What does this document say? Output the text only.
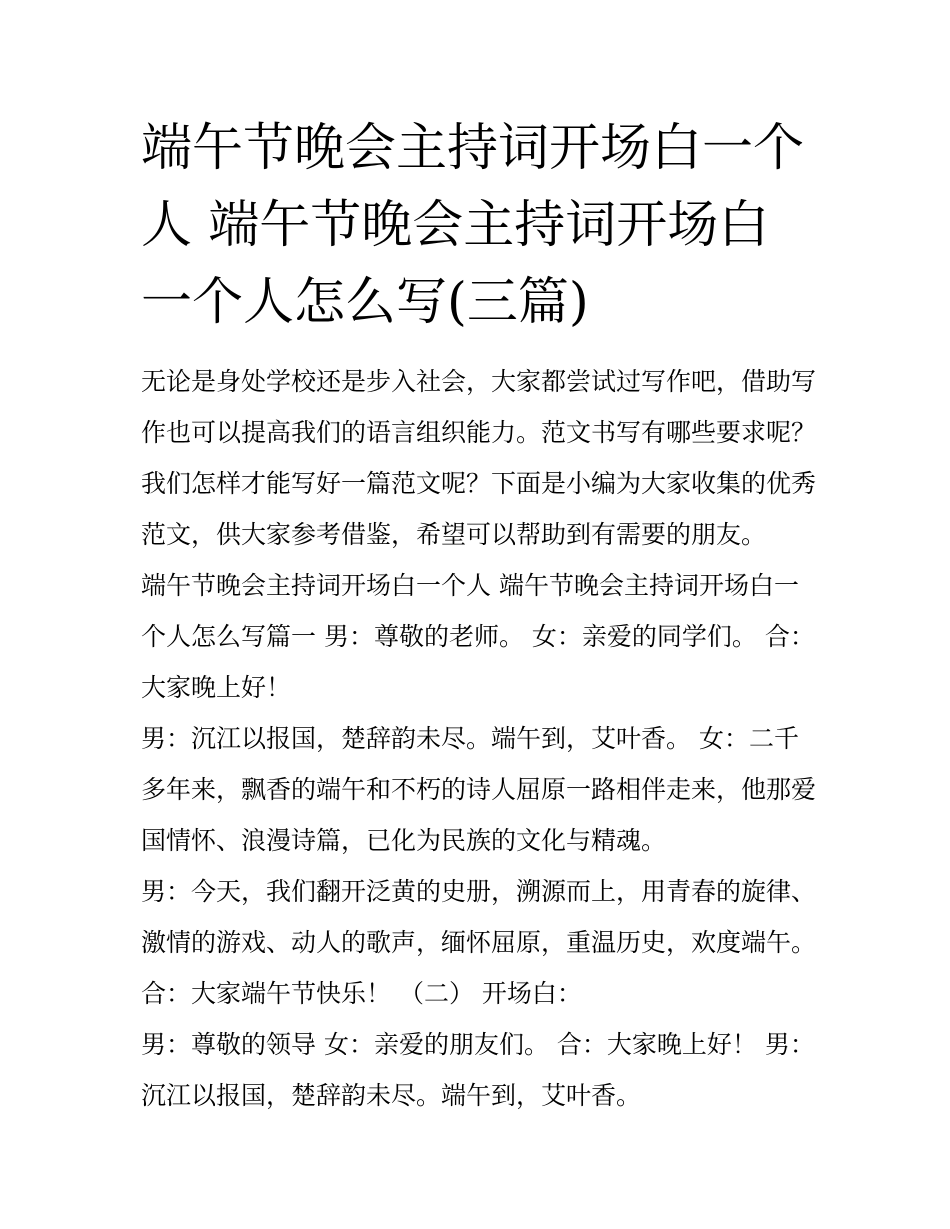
端午节晚会主持词开场白一个人 端午节晚会主持词开场白一个人怎么写(三篇)

无论是身处学校还是步入社会，大家都尝试过写作吧，借助写作也可以提高我们的语言组织能力。范文书写有哪些要求呢？我们怎样才能写好一篇范文呢？下面是小编为大家收集的优秀范文，供大家参考借鉴，希望可以帮助到有需要的朋友。

端午节晚会主持词开场白一个人 端午节晚会主持词开场白一个人怎么写篇一 男：尊敬的老师。 女：亲爱的同学们。 合：大家晚上好！

男：沉江以报国，楚辞韵未尽。端午到，艾叶香。 女：二千多年来，飘香的端午和不朽的诗人屈原一路相伴走来，他那爱国情怀、浪漫诗篇，已化为民族的文化与精魂。

男：今天，我们翻开泛黄的史册，溯源而上，用青春的旋律、激情的游戏、动人的歌声，缅怀屈原，重温历史，欢度端午。

合：大家端午节快乐！ （二） 开场白：

男：尊敬的领导 女：亲爱的朋友们。 合：大家晚上好！ 男：沉江以报国，楚辞韵未尽。端午到，艾叶香。
